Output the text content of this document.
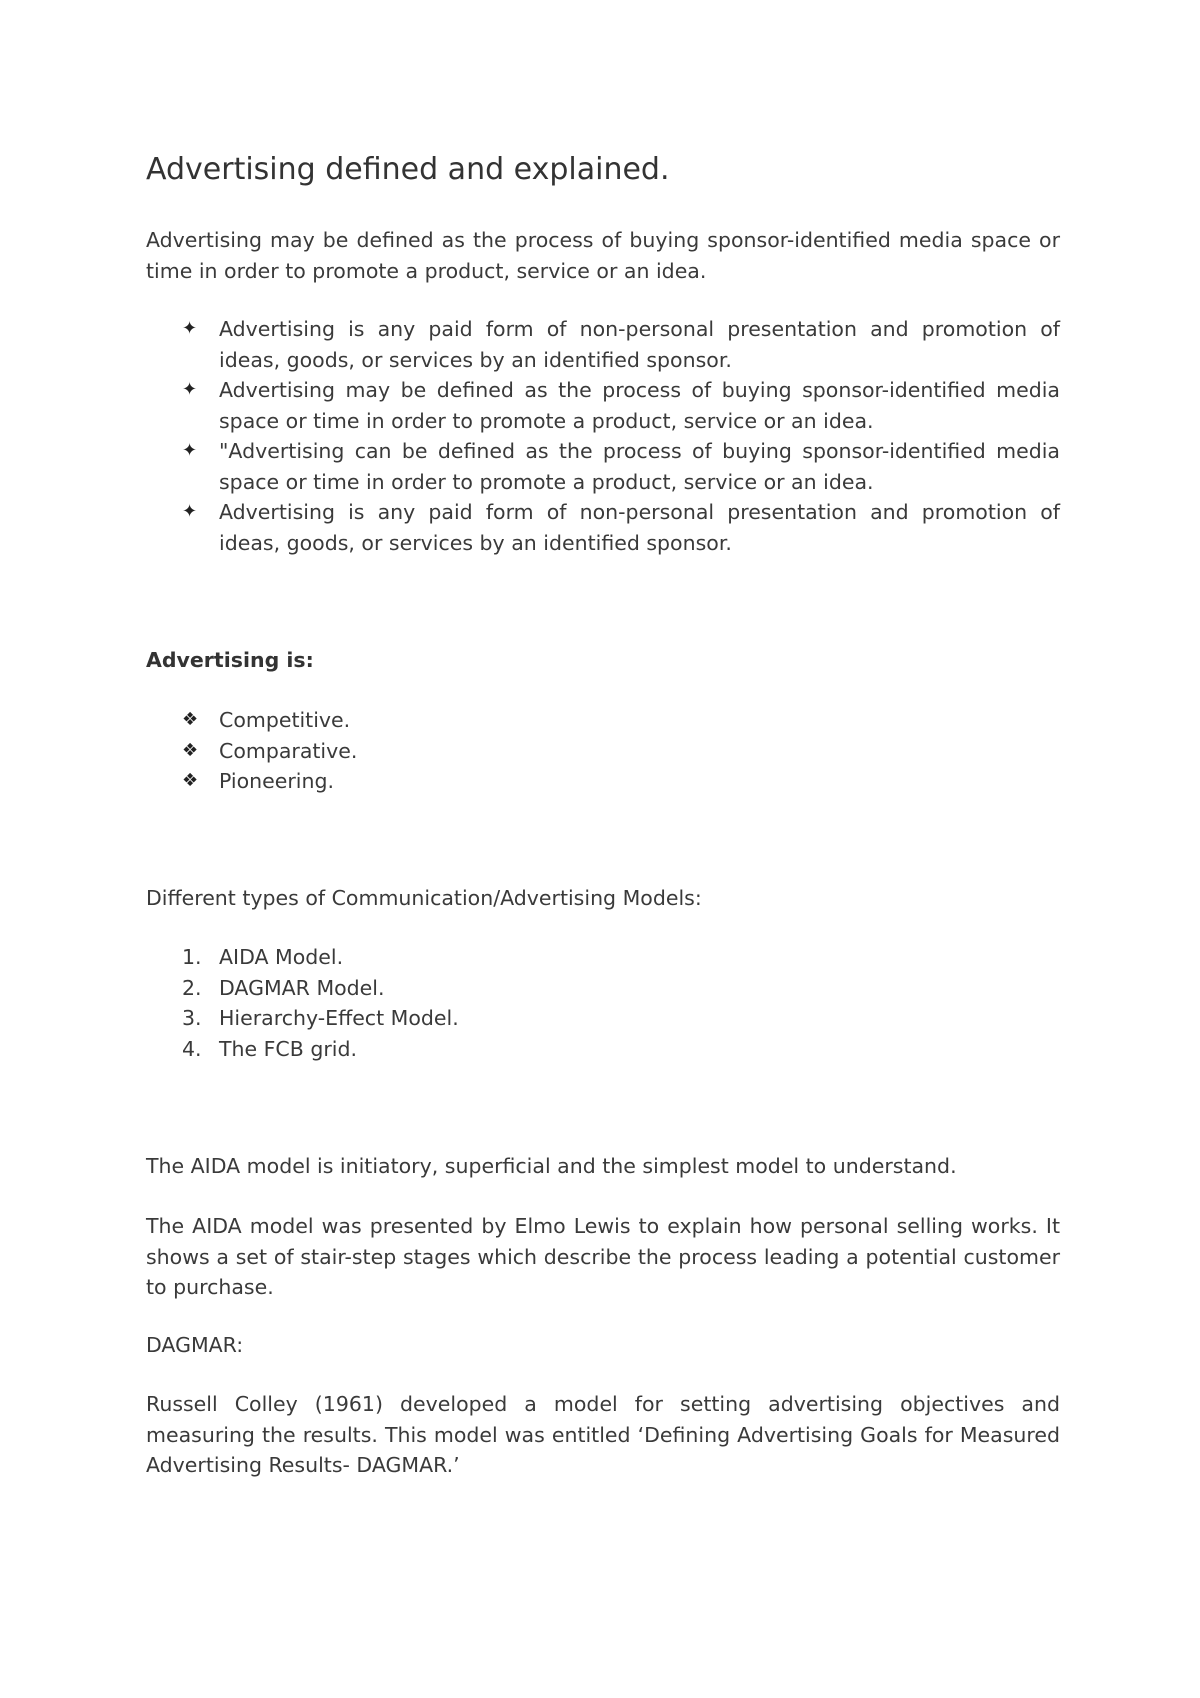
Advertising defined and explained.

Advertising may be defined as the process of buying sponsor-identified media space or time in order to promote a product, service or an idea.

✦	Advertising is any paid form of non-personal presentation and promotion of ideas, goods, or services by an identified sponsor.
✦	Advertising may be defined as the process of buying sponsor-identified media space or time in order to promote a product, service or an idea.
✦	"Advertising can be defined as the process of buying sponsor-identified media space or time in order to promote a product, service or an idea.
✦	Advertising is any paid form of non-personal presentation and promotion of ideas, goods, or services by an identified sponsor.

Advertising is:

❖	Competitive.
❖	Comparative.
❖	Pioneering.

Different types of Communication/Advertising Models:

1. AIDA Model.
2. DAGMAR Model.
3. Hierarchy-Effect Model.
4. The FCB grid.

The AIDA model is initiatory, superficial and the simplest model to understand.

The AIDA model was presented by Elmo Lewis to explain how personal selling works. It shows a set of stair-step stages which describe the process leading a potential customer to purchase.

DAGMAR:

Russell Colley (1961) developed a model for setting advertising objectives and measuring the results. This model was entitled ‘Defining Advertising Goals for Measured Advertising Results- DAGMAR.’
